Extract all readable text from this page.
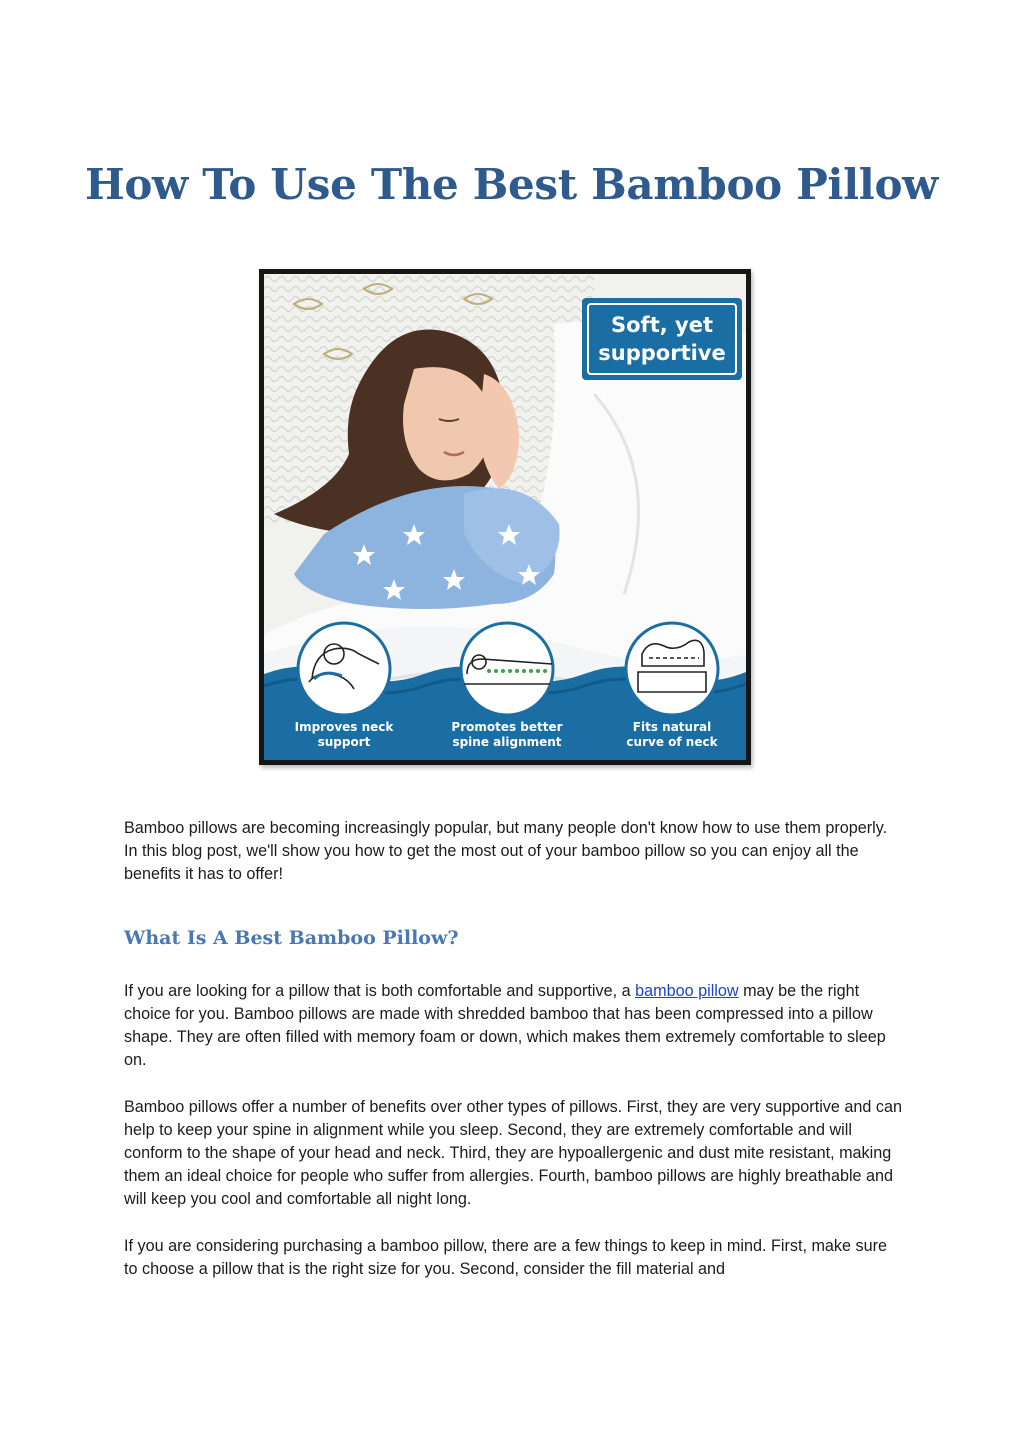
How To Use The Best Bamboo Pillow
Soft, yet
supportive
Improves neck
support
Promotes better
spine alignment
Fits natural
curve of neck

Bamboo pillows are becoming increasingly popular, but many people don't know how to use them properly. In this blog post, we'll show you how to get the most out of your bamboo pillow so you can enjoy all the benefits it has to offer!

What Is A Best Bamboo Pillow?

If you are looking for a pillow that is both comfortable and supportive, a bamboo pillow may be the right choice for you. Bamboo pillows are made with shredded bamboo that has been compressed into a pillow shape. They are often filled with memory foam or down, which makes them extremely comfortable to sleep on.

Bamboo pillows offer a number of benefits over other types of pillows. First, they are very supportive and can help to keep your spine in alignment while you sleep. Second, they are extremely comfortable and will conform to the shape of your head and neck. Third, they are hypoallergenic and dust mite resistant, making them an ideal choice for people who suffer from allergies. Fourth, bamboo pillows are highly breathable and will keep you cool and comfortable all night long.

If you are considering purchasing a bamboo pillow, there are a few things to keep in mind. First, make sure to choose a pillow that is the right size for you. Second, consider the fill material and
